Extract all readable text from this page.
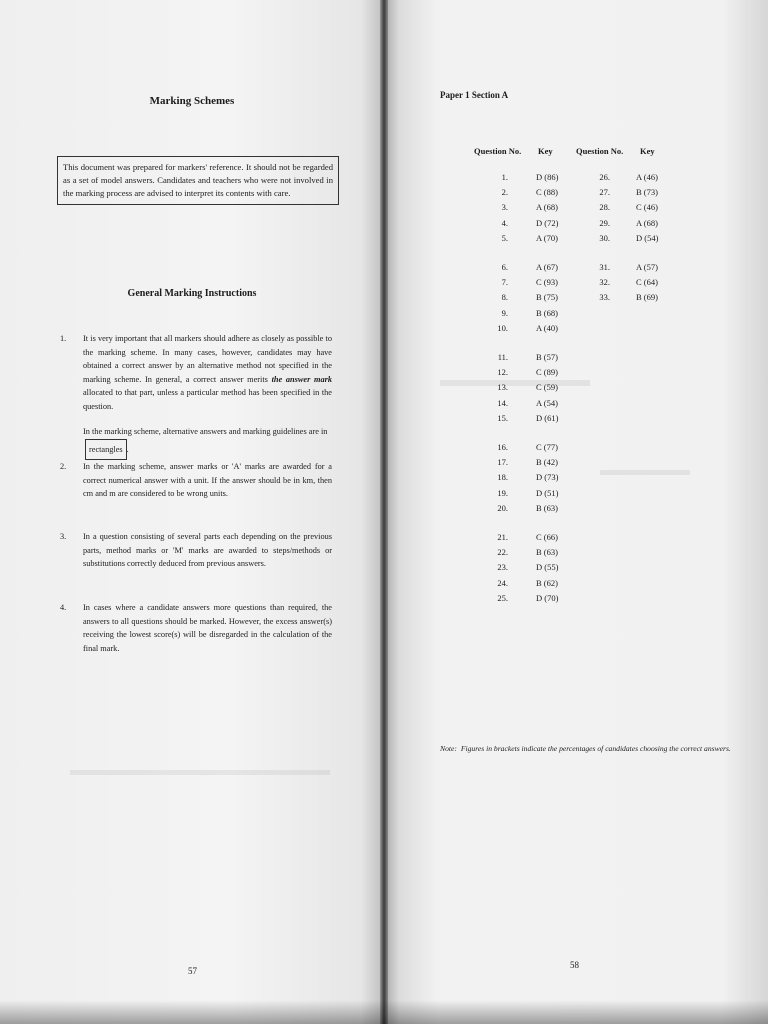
Marking Schemes
This document was prepared for markers' reference. It should not be regarded as a set of model answers. Candidates and teachers who were not involved in the marking process are advised to interpret its contents with care.
General Marking Instructions
1. It is very important that all markers should adhere as closely as possible to the marking scheme. In many cases, however, candidates may have obtained a correct answer by an alternative method not specified in the marking scheme. In general, a correct answer merits the answer mark allocated to that part, unless a particular method has been specified in the question.
In the marking scheme, alternative answers and marking guidelines are inrectangles .
2. In the marking scheme, answer marks or 'A' marks are awarded for a correct numerical answer with a unit. If the answer should be in km, then cm and m are considered to be wrong units.
3. In a question consisting of several parts each depending on the previous parts, method marks or 'M' marks are awarded to steps/methods or substitutions correctly deduced from previous answers.
4. In cases where a candidate answers more questions than required, the answers to all questions should be marked. However, the excess answer(s) receiving the lowest score(s) will be disregarded in the calculation of the final mark.
57
Paper 1 Section A
Question No. Key	Question No. Key
1.	D (86)	26.	A (46)
2.	C (88)	27.	B (73)
3.	A (68)	28.	C (46)
4.	D (72)	29.	A (68)
5.	A (70)	30.	D (54)
6.	A (67)	31.	A (57)
7.	C (93)	32.	C (64)
8.	B (75)	33.	B (69)
9.	B (68)
10.	A (40)
11.	B (57)
12.	C (89)
13.	C (59)
14.	A (54)
15.	D (61)
16.	C (77)
17.	B (42)
18.	D (73)
19.	D (51)
20.	B (63)
21.	C (66)
22.	B (63)
23.	D (55)
24.	B (62)
25.	D (70)
Note: Figures in brackets indicate the percentages of candidates choosing the correct answers.
58
